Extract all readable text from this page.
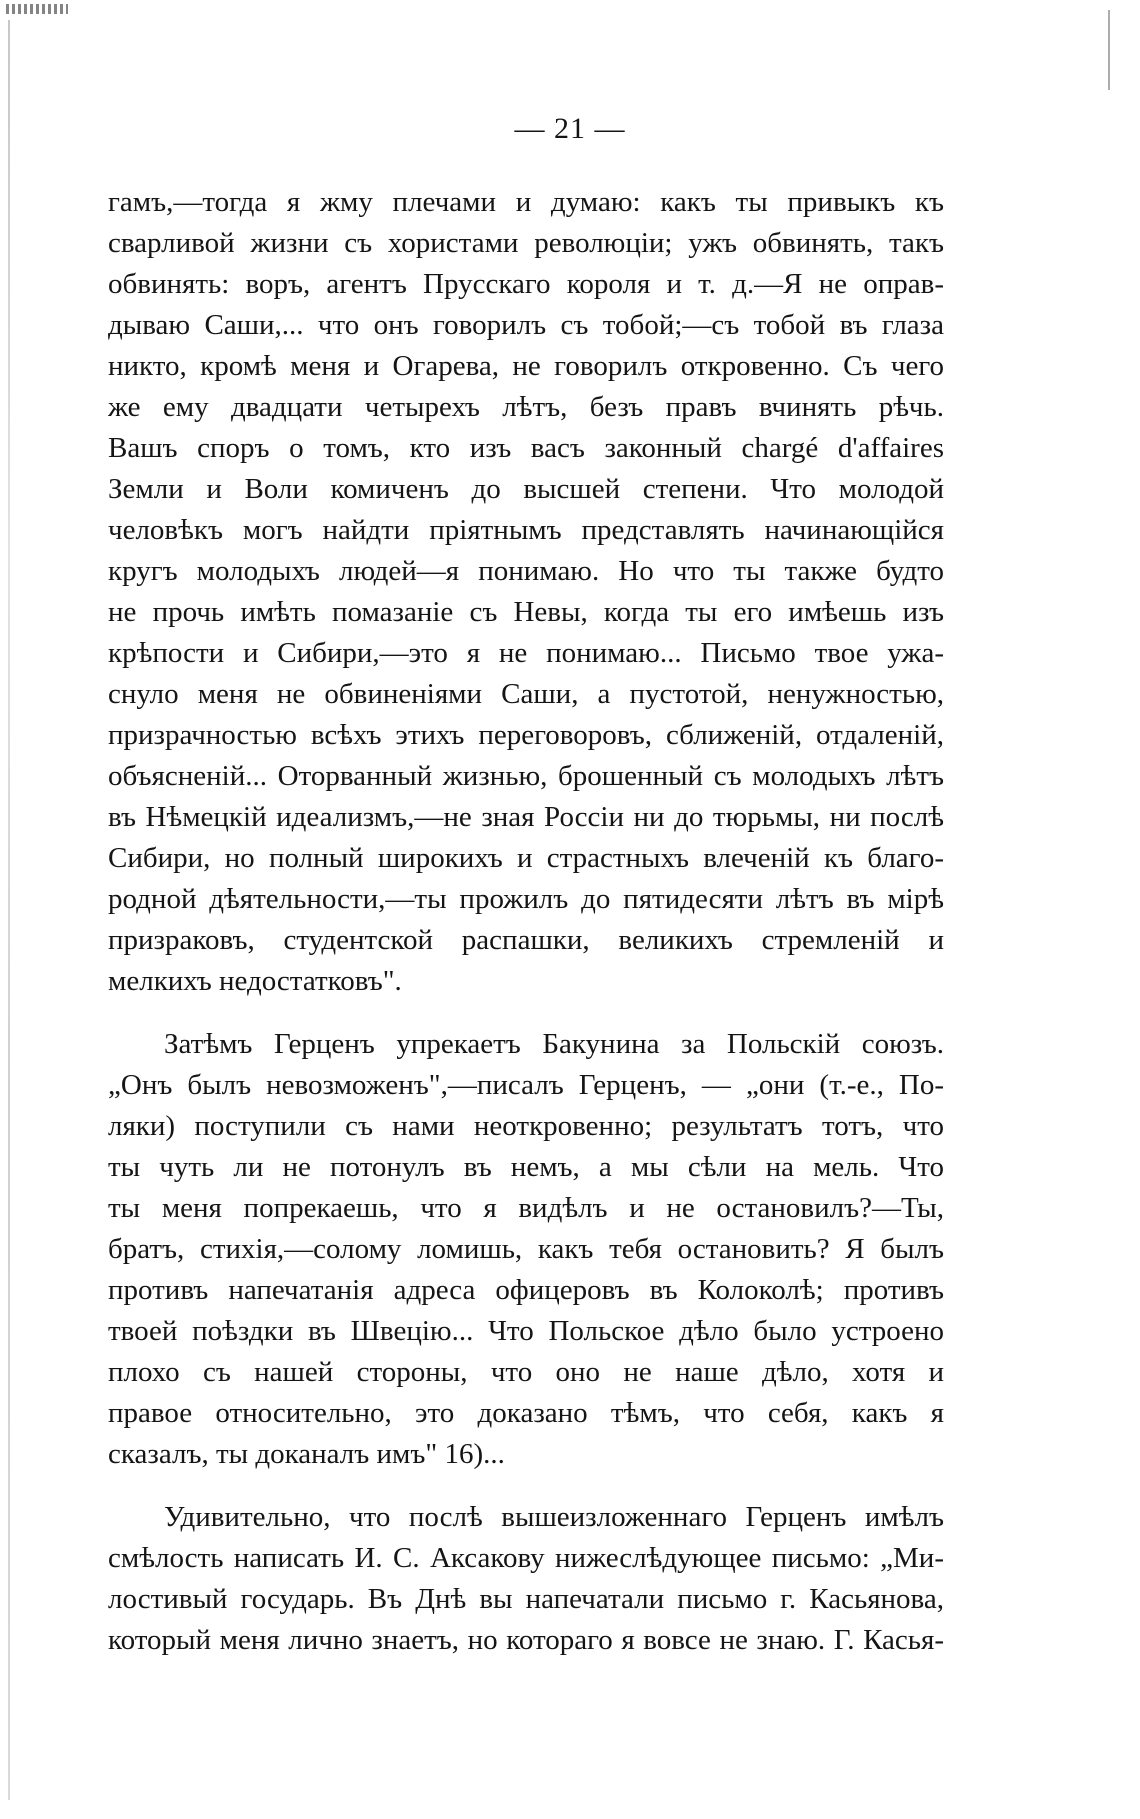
— 21 —
гамъ,—тогда я жму плечами и думаю: какъ ты привыкъ къ
сварливой жизни съ хористами революціи; ужъ обвинять, такъ
обвинять: воръ, агентъ Прусскаго короля и т. д.—Я не оправ-
дываю Саши,... что онъ говорилъ съ тобой;—съ тобой въ глаза
никто, кромѣ меня и Огарева, не говорилъ откровенно. Съ чего
же ему двадцати четырехъ лѣтъ, безъ правъ вчинять рѣчь.
Вашъ споръ о томъ, кто изъ васъ законный chargé d'affaires
Земли и Воли комиченъ до высшей степени. Что молодой
человѣкъ могъ найдти пріятнымъ представлять начинающійся
кругъ молодыхъ людей—я понимаю. Но что ты также будто
не прочь имѣть помазаніе съ Невы, когда ты его имѣешь изъ
крѣпости и Сибири,—это я не понимаю... Письмо твое ужа-
снуло меня не обвиненіями Саши, а пустотой, ненужностью,
призрачностью всѣхъ этихъ переговоровъ, сближеній, отдаленій,
объясненій... Оторванный жизнью, брошенный съ молодыхъ лѣтъ
въ Нѣмецкій идеализмъ,—не зная Россіи ни до тюрьмы, ни послѣ
Сибири, но полный широкихъ и страстныхъ влеченій къ благо-
родной дѣятельности,—ты прожилъ до пятидесяти лѣтъ въ мірѣ
призраковъ, студентской распашки, великихъ стремленій и
мелкихъ недостатковъ".
Затѣмъ Герценъ упрекаетъ Бакунина за Польскій союзъ.
„Онъ былъ невозможенъ",—писалъ Герценъ, — „они (т.-е., По-
ляки) поступили съ нами неоткровенно; результатъ тотъ, что
ты чуть ли не потонулъ въ немъ, а мы сѣли на мель. Что
ты меня попрекаешь, что я видѣлъ и не остановилъ?—Ты,
братъ, стихія,—солому ломишь, какъ тебя остановить? Я былъ
противъ напечатанія адреса офицеровъ въ Колоколѣ; противъ
твоей поѣздки въ Швецію... Что Польское дѣло было устроено
плохо съ нашей стороны, что оно не наше дѣло, хотя и
правое относительно, это доказано тѣмъ, что себя, какъ я
сказалъ, ты доканалъ имъ" 16)...
Удивительно, что послѣ вышеизложеннаго Герценъ имѣлъ
смѣлость написать И. С. Аксакову нижеслѣдующее письмо: „Ми-
лостивый государь. Въ Днѣ вы напечатали письмо г. Касьянова,
который меня лично знаетъ, но котораго я вовсе не знаю. Г. Касья-
